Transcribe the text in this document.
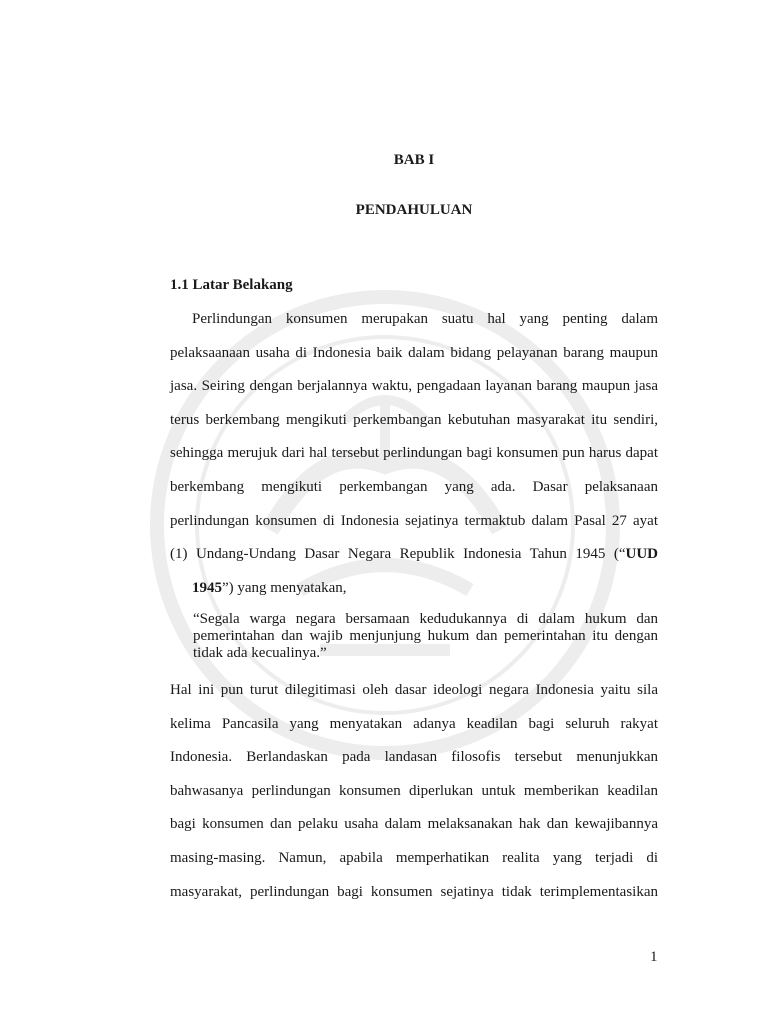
BAB I

PENDAHULUAN

1.1 Latar Belakang

Perlindungan konsumen merupakan suatu hal yang penting dalam pelaksaanaan usaha di Indonesia baik dalam bidang pelayanan barang maupun jasa. Seiring dengan berjalannya waktu, pengadaan layanan barang maupun jasa terus berkembang mengikuti perkembangan kebutuhan masyarakat itu sendiri, sehingga merujuk dari hal tersebut perlindungan bagi konsumen pun harus dapat berkembang mengikuti perkembangan yang ada. Dasar pelaksanaan perlindungan konsumen di Indonesia sejatinya termaktub dalam Pasal 27 ayat (1) Undang-Undang Dasar Negara Republik Indonesia Tahun 1945 (“UUD
1945”) yang menyatakan,

“Segala warga negara bersamaan kedudukannya di dalam hukum dan pemerintahan dan wajib menjunjung hukum dan pemerintahan itu dengan tidak ada kecualinya.”

Hal ini pun turut dilegitimasi oleh dasar ideologi negara Indonesia yaitu sila kelima Pancasila yang menyatakan adanya keadilan bagi seluruh rakyat Indonesia. Berlandaskan pada landasan filosofis tersebut menunjukkan bahwasanya perlindungan konsumen diperlukan untuk memberikan keadilan bagi konsumen dan pelaku usaha dalam melaksanakan hak dan kewajibannya masing-masing. Namun, apabila memperhatikan realita yang terjadi di masyarakat, perlindungan bagi konsumen sejatinya tidak terimplementasikan

1
